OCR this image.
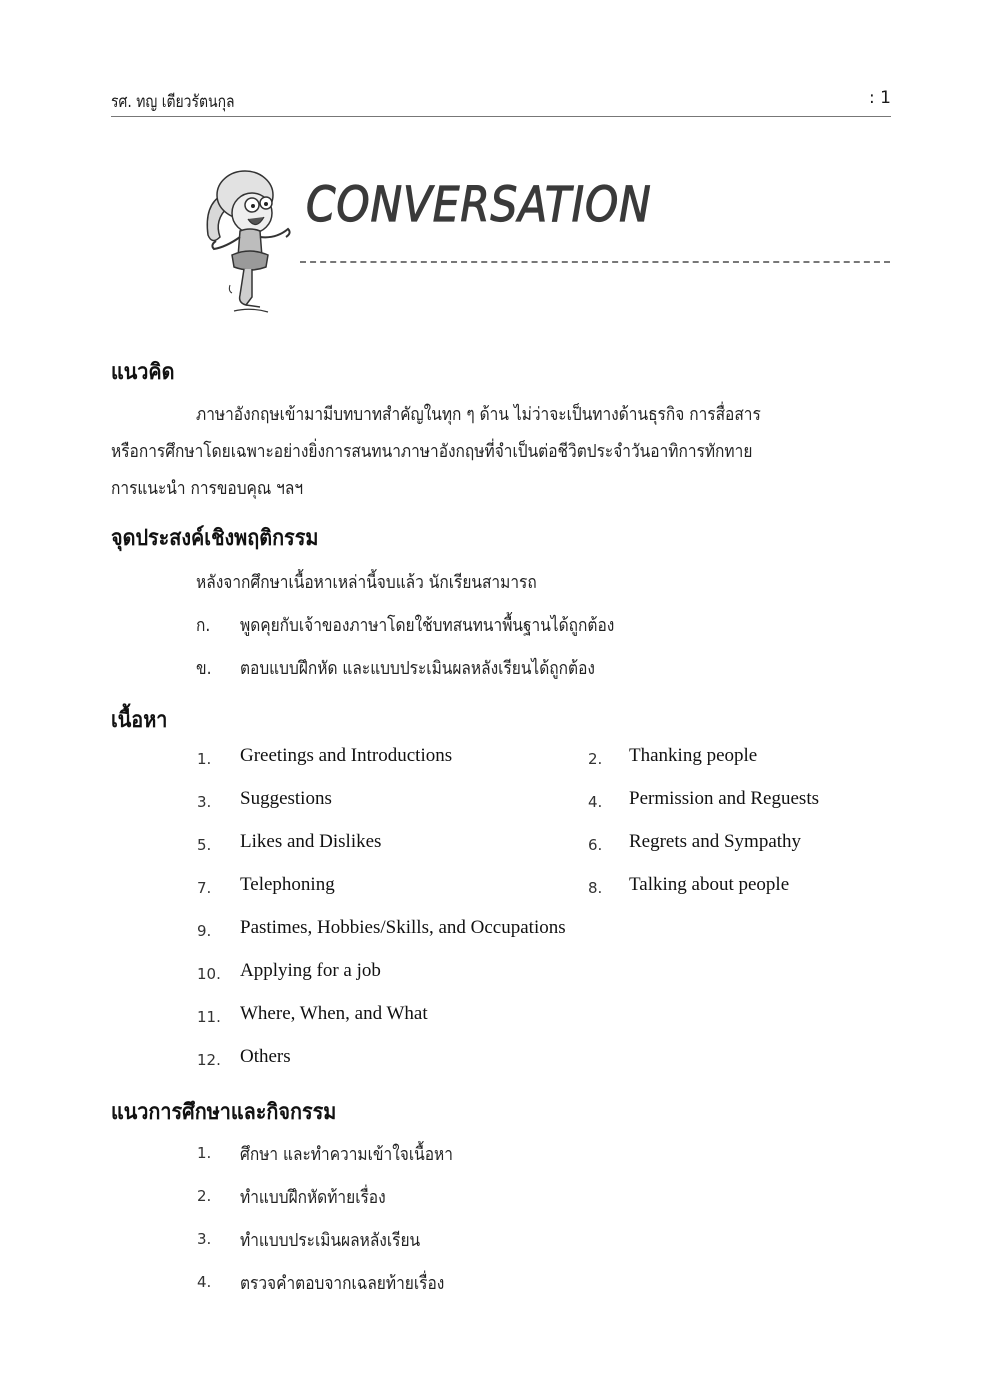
รศ. ทญ เตียวรัตนกุล	: 1
CONVERSATION
แนวคิด
ภาษาอังกฤษเข้ามามีบทบาทสำคัญในทุก ๆ ด้าน ไม่ว่าจะเป็นทางด้านธุรกิจ การสื่อสาร
หรือการศึกษาโดยเฉพาะอย่างยิ่งการสนทนาภาษาอังกฤษที่จำเป็นต่อชีวิตประจำวันอาทิการทักทาย
การแนะนำ การขอบคุณ ฯลฯ
จุดประสงค์เชิงพฤติกรรม
หลังจากศึกษาเนื้อหาเหล่านี้จบแล้ว นักเรียนสามารถ
ก. พูดคุยกับเจ้าของภาษาโดยใช้บทสนทนาพื้นฐานได้ถูกต้อง
ข. ตอบแบบฝึกหัด และแบบประเมินผลหลังเรียนได้ถูกต้อง
เนื้อหา
1. Greetings and Introductions	2. Thanking people
3. Suggestions	4. Permission and Reguests
5. Likes and Dislikes	6. Regrets and Sympathy
7. Telephoning	8. Talking about people
9. Pastimes, Hobbies/Skills, and Occupations
10. Applying for a job
11. Where, When, and What
12. Others
แนวการศึกษาและกิจกรรม
1. ศึกษา และทำความเข้าใจเนื้อหา
2. ทำแบบฝึกหัดท้ายเรื่อง
3. ทำแบบประเมินผลหลังเรียน
4. ตรวจคำตอบจากเฉลยท้ายเรื่อง
